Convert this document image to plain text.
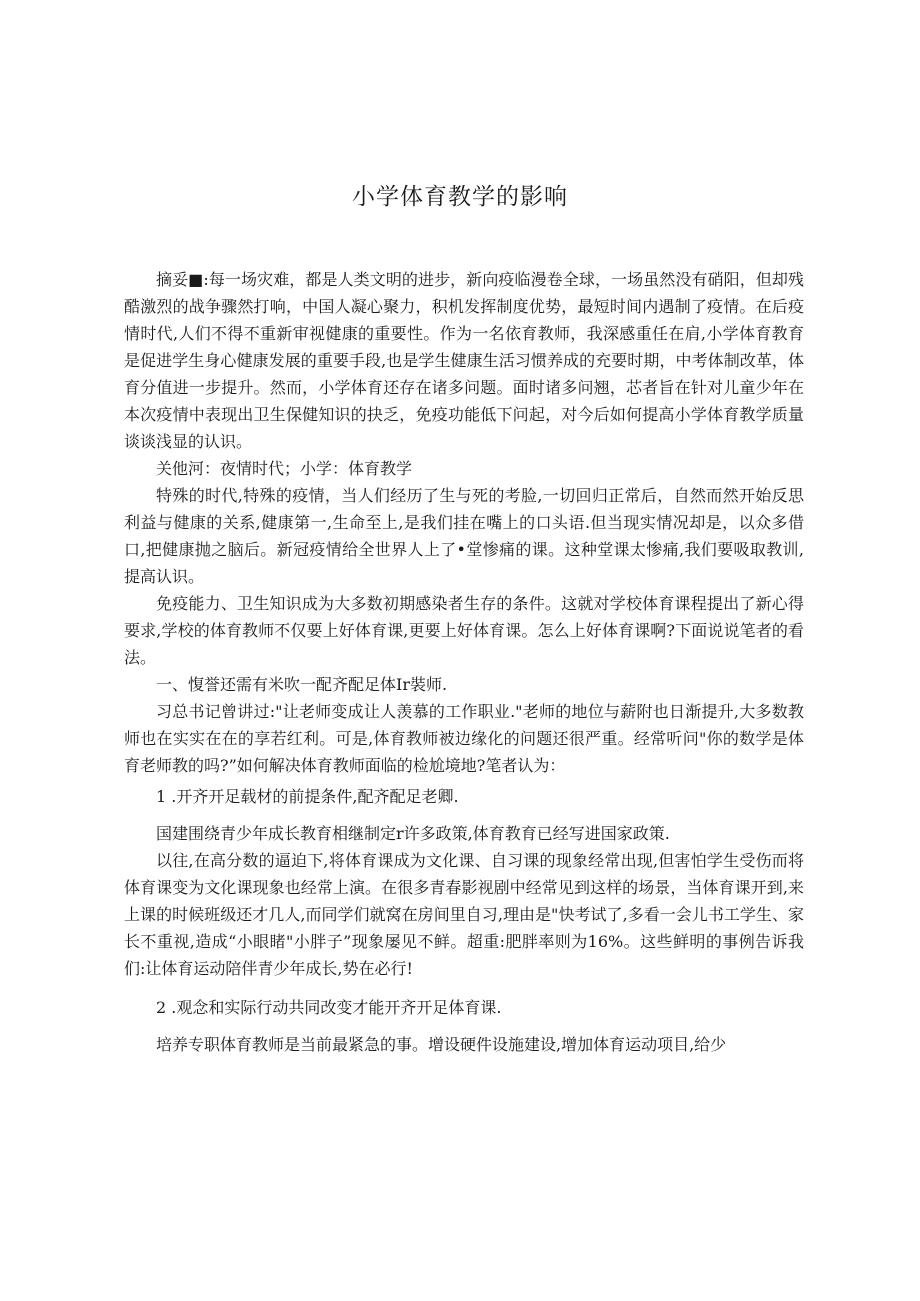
小学体育教学的影响

摘妥■:每一场灾难，都是人类文明的进步，新向疫临漫卷全球，一场虽然没有硝阳，但却残酷激烈的战争骤然打响，中国人凝心聚力，积机发挥制度优势，最短时间内遇制了疫情。在后疫情时代,人们不得不重新审视健康的重要性。作为一名依育教师，我深感重任在肩,小学体育教育是促进学生身心健康发展的重要手段,也是学生健康生活习惯养成的充要时期，中考体制改革，体育分值进一步提升。然而，小学体育还存在诸多问题。面时诸多问翘，芯者旨在针对儿童少年在本次疫情中表现出卫生保健知识的抉乏，免疫功能低下问起，对今后如何提高小学体育教学质量谈谈浅显的认识。

关他河：夜情时代；小学：体育教学

特殊的时代,特殊的疫情，当人们经历了生与死的考脸,一切回归正常后，自然而然开始反思利益与健康的关系,健康第一,生命至上,是我们挂在嘴上的口头语.但当现实情况却是，以众多借口,把健康抛之脑后。新冠疫情给全世界人上了•堂惨痛的课。这种堂课太惨痛,我们要吸取教训,提高认识。

免疫能力、卫生知识成为大多数初期感染者生存的条件。这就对学校体育课程提出了新心得要求,学校的体育教师不仅要上好体育课,更要上好体育课。怎么上好体育课啊?下面说说笔者的看法。

一、愎誉还需有米吹一配齐配足体Ir裝师.

习总书记曾讲过:"让老师变成让人羡慕的工作职业."老师的地位与薪附也日渐提升,大多数教师也在实实在在的享若红利。可是,体育教师被边缘化的问题还很严重。经常听问"你的数学是体育老师教的吗?”如何解决体育教师面临的检尬境地?笔者认为：

1 .开齐开足载材的前提条件,配齐配足老卿.

国建围绕青少年成长教育相继制定r许多政策,体育教育已经写进国家政策.

以往,在高分数的逼迫下,将体育课成为文化课、自习课的现象经常出现,但害怕学生受伤而将体育课变为文化课现象也经常上演。在很多青春影视剧中经常见到这样的场景，当体育课开到,来上课的时候班级还才几人,而同学们就窝在房间里自习,理由是"快考试了,多看一会儿书工学生、家长不重视,造成“小眼睹"小胖子”现象屡见不鲜。超重:肥胖率则为16%。这些鲜明的事例告诉我们:让体育运动陪伴青少年成长,势在必行!

2 .观念和实际行动共同改变才能开齐开足体育课.

培养专职体育教师是当前最紧急的事。增设硬件设施建设,增加体育运动项目,给少
